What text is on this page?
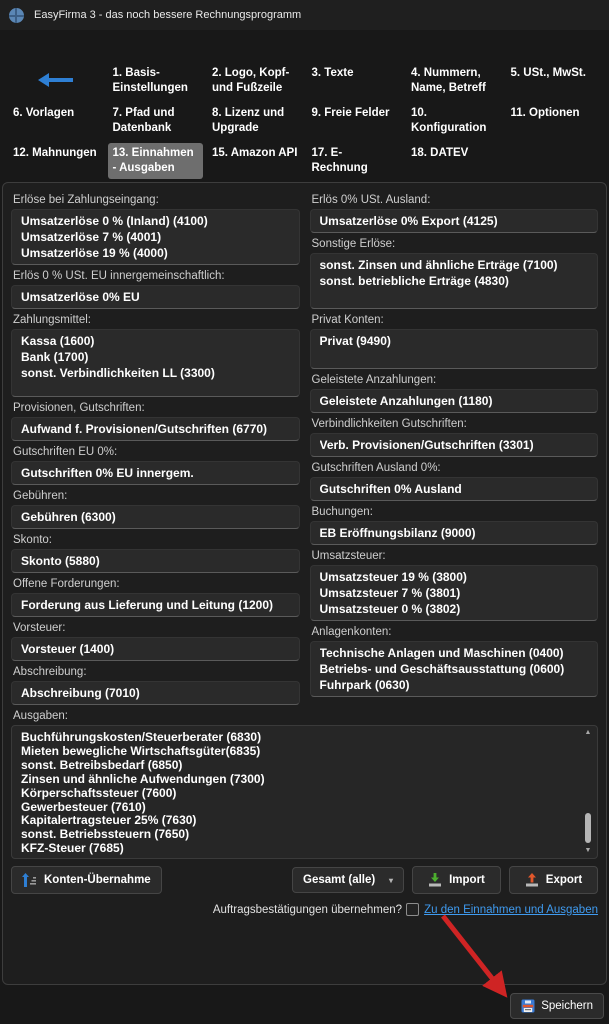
EasyFirma 3 - das noch bessere Rechnungsprogramm
1. Basis-Einstellungen
2. Logo, Kopf- und Fußzeile
3. Texte	4. Nummern, Name, Betreff
5. USt., MwSt.
6. Vorlagen	7. Pfad und Datenbank
8. Lizenz und Upgrade
9. Freie Felder	10. Konfiguration
11. Optionen
12. Mahnungen	13. Einnahmen - Ausgaben
15. Amazon API	17. E-Rechnung
18. DATEV
Erlöse bei Zahlungseingang:
Umsatzerlöse 0 % (Inland) (4100)
Umsatzerlöse 7 % (4001)
Umsatzerlöse 19 % (4000)
Erlös 0 % USt. EU innergemeinschaftlich:
Umsatzerlöse 0% EU
Zahlungsmittel:
Kassa (1600)
Bank (1700)
sonst. Verbindlichkeiten LL (3300)
Provisionen, Gutschriften:
Aufwand f. Provisionen/Gutschriften (6770)
Gutschriften EU 0%:
Gutschriften 0% EU innergem.
Gebühren:
Gebühren (6300)
Skonto:
Skonto (5880)
Offene Forderungen:
Forderung aus Lieferung und Leitung (1200)
Vorsteuer:
Vorsteuer (1400)
Abschreibung:
Abschreibung (7010)
Erlös 0% USt. Ausland:
Umsatzerlöse 0% Export (4125)
Sonstige Erlöse:
sonst. Zinsen und ähnliche Erträge (7100)
sonst. betriebliche Erträge (4830)
Privat Konten:
Privat (9490)
Geleistete Anzahlungen:
Geleistete Anzahlungen (1180)
Verbindlichkeiten Gutschriften:
Verb. Provisionen/Gutschriften (3301)
Gutschriften Ausland 0%:
Gutschriften 0% Ausland
Buchungen:
EB Eröffnungsbilanz (9000)
Umsatzsteuer:
Umsatzsteuer 19 % (3800)
Umsatzsteuer 7 % (3801)
Umsatzsteuer 0 % (3802)
Anlagenkonten:
Technische Anlagen und Maschinen (0400)
Betriebs- und Geschäftsausstattung (0600)
Fuhrpark (0630)
Ausgaben:
Buchführungskosten/Steuerberater (6830)
Mieten bewegliche Wirtschaftsgüter(6835)
sonst. Betreibsbedarf (6850)
Zinsen und ähnliche Aufwendungen (7300)
Körperschaftssteuer (7600)
Gewerbesteuer (7610)
Kapitalertragsteuer 25% (7630)
sonst. Betriebssteuern (7650)
KFZ-Steuer (7685)
▲
▼
Konten-Übernahme	Gesamt (alle) ▾	Import	Export
Auftragsbestätigungen übernehmen? Zu den Einnahmen und Ausgaben
Speichern
